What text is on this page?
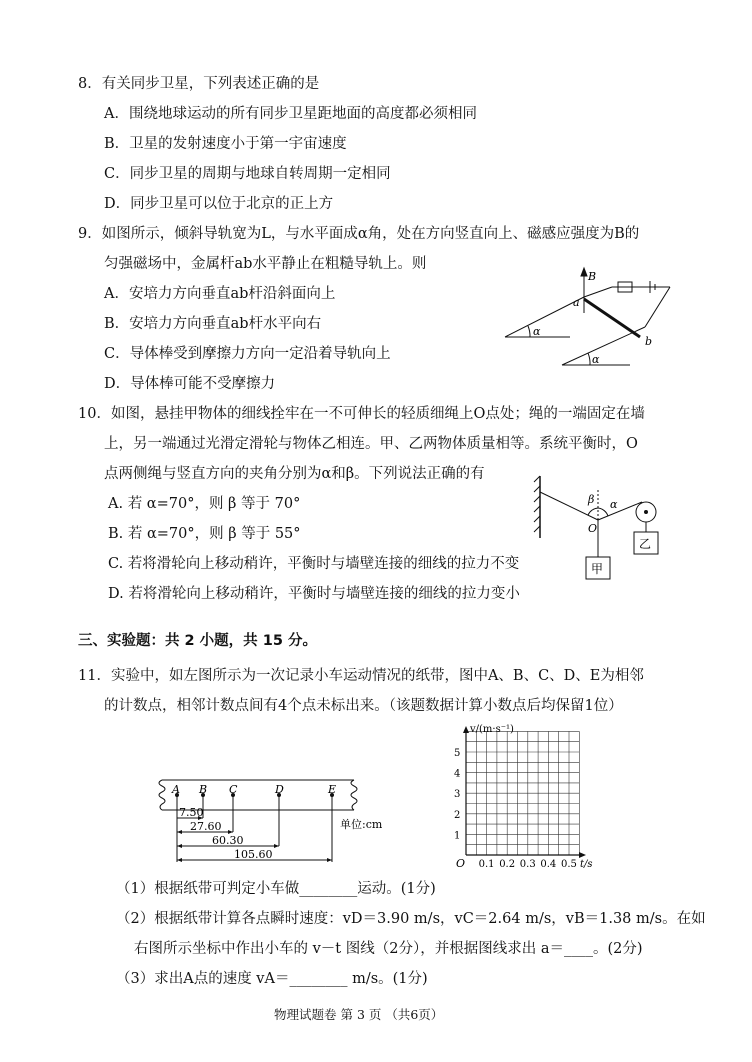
8．有关同步卫星，下列表述正确的是
A．围绕地球运动的所有同步卫星距地面的高度都必须相同
B．卫星的发射速度小于第一宇宙速度
C．同步卫星的周期与地球自转周期一定相同
D．同步卫星可以位于北京的正上方
9．如图所示，倾斜导轨宽为L，与水平面成α角，处在方向竖直向上、磁感应强度为B的
匀强磁场中，金属杆ab水平静止在粗糙导轨上。则
A．安培力方向垂直ab杆沿斜面向上
B．安培力方向垂直ab杆水平向右
C．导体棒受到摩擦力方向一定沿着导轨向上
D．导体棒可能不受摩擦力
B
a
b
α
α
10．如图，悬挂甲物体的细线拴牢在一不可伸长的轻质细绳上O点处；绳的一端固定在墙
上，另一端通过光滑定滑轮与物体乙相连。甲、乙两物体质量相等。系统平衡时，O
点两侧绳与竖直方向的夹角分别为α和β。下列说法正确的有
A. 若 α=70°，则 β 等于 70°
B. 若 α=70°，则 β 等于 55°
C. 若将滑轮向上移动稍许，平衡时与墙壁连接的细线的拉力不变
D. 若将滑轮向上移动稍许，平衡时与墙壁连接的细线的拉力变小
β α
O
甲
乙
三、实验题：共 2 小题，共 15 分。
11．实验中，如左图所示为一次记录小车运动情况的纸带，图中A、B、C、D、E为相邻
的计数点，相邻计数点间有4个点未标出来。（该题数据计算小数点后均保留1位）
A B C	D	E
7.50
27.60
60.30
105.60
单位:cm
v/(m·s⁻¹)
t/s
O
1
2
3
4
5
0.1 0.2 0.3 0.4 0.5
（1）根据纸带可判定小车做________运动。(1分)
（2）根据纸带计算各点瞬时速度：vD＝3.90 m/s，vC＝2.64 m/s，vB＝1.38 m/s。在如
右图所示坐标中作出小车的 v－t 图线（2分），并根据图线求出 a＝____。(2分)
（3）求出A点的速度 vA＝________ m/s。(1分)
物理试题卷 第 3 页 （共6页）
